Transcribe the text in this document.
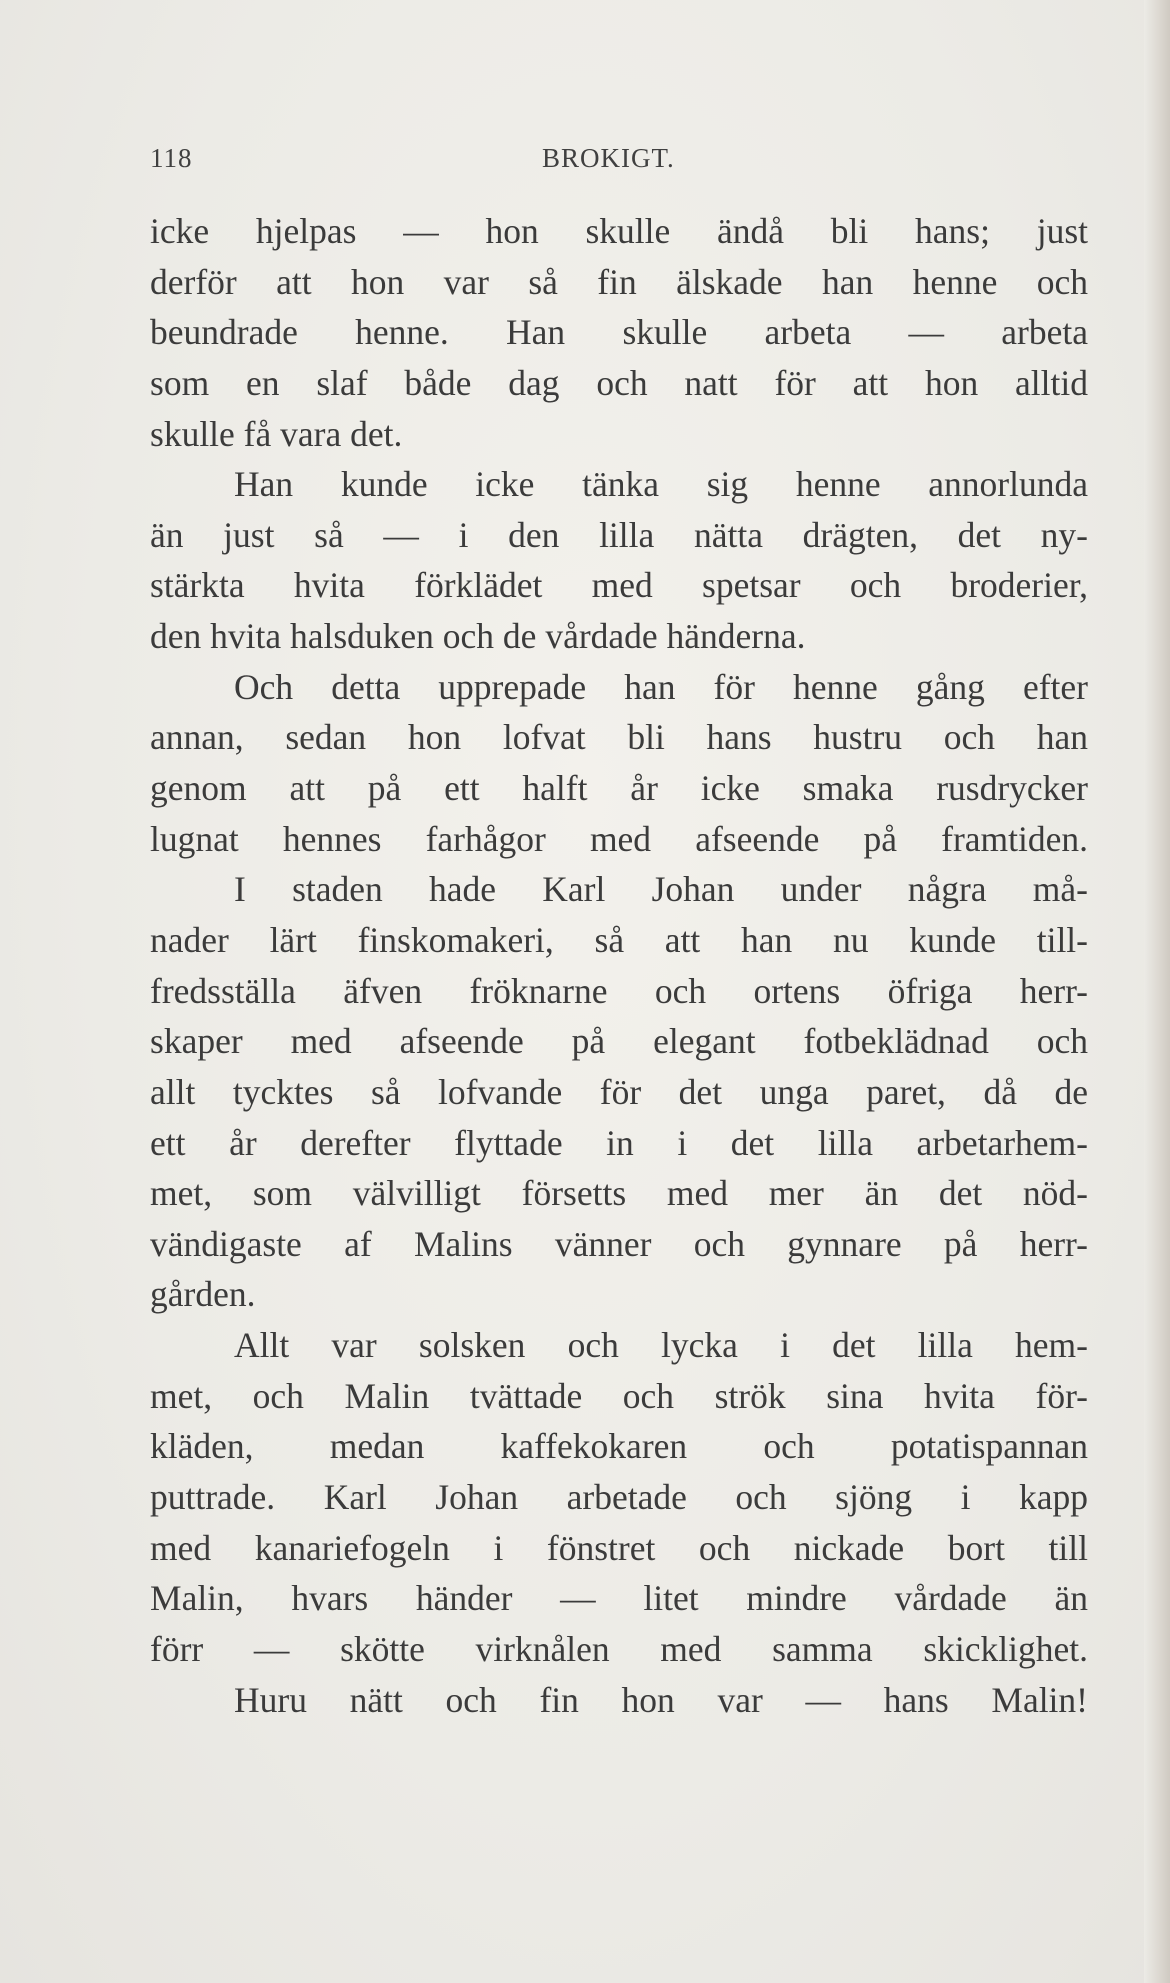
118	BROKIGT.
icke hjelpas — hon skulle ändå bli hans; just
derför att hon var så fin älskade han henne och
beundrade henne. Han skulle arbeta — arbeta
som en slaf både dag och natt för att hon alltid
skulle få vara det.
Han kunde icke tänka sig henne annorlunda
än just så — i den lilla nätta drägten, det ny-
stärkta hvita förklädet med spetsar och broderier,
den hvita halsduken och de vårdade händerna.
Och detta upprepade han för henne gång efter
annan, sedan hon lofvat bli hans hustru och han
genom att på ett halft år icke smaka rusdrycker
lugnat hennes farhågor med afseende på framtiden.
I staden hade Karl Johan under några må-
nader lärt finskomakeri, så att han nu kunde till-
fredsställa äfven fröknarne och ortens öfriga herr-
skaper med afseende på elegant fotbeklädnad och
allt tycktes så lofvande för det unga paret, då de
ett år derefter flyttade in i det lilla arbetarhem-
met, som välvilligt försetts med mer än det nöd-
vändigaste af Malins vänner och gynnare på herr-
gården.
Allt var solsken och lycka i det lilla hem-
met, och Malin tvättade och strök sina hvita för-
kläden, medan kaffekokaren och potatispannan
puttrade. Karl Johan arbetade och sjöng i kapp
med kanariefogeln i fönstret och nickade bort till
Malin, hvars händer — litet mindre vårdade än
förr — skötte virknålen med samma skicklighet.
Huru nätt och fin hon var — hans Malin!
